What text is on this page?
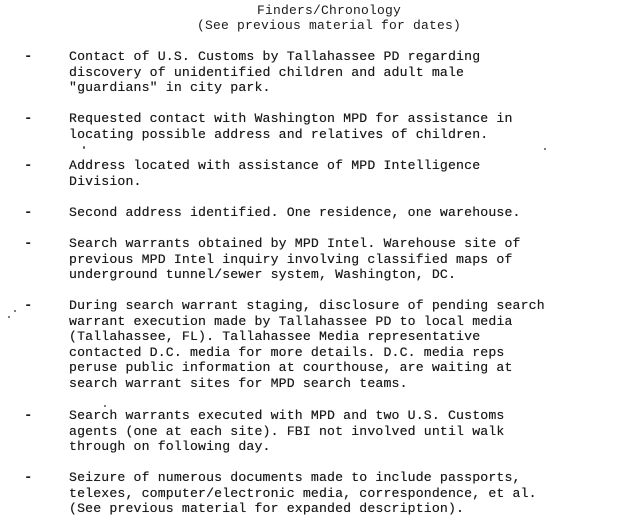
Finders/Chronology
(See previous material for dates)
-	Contact of U.S. Customs by Tallahassee PD regarding
discovery of unidentified children and adult male
"guardians" in city park.
-	Requested contact with Washington MPD for assistance in
locating possible address and relatives of children.
-	Address located with assistance of MPD Intelligence
Division.
-	Second address identified. One residence, one warehouse.
-	Search warrants obtained by MPD Intel. Warehouse site of
previous MPD Intel inquiry involving classified maps of
underground tunnel/sewer system, Washington, DC.
-	During search warrant staging, disclosure of pending search
warrant execution made by Tallahassee PD to local media
(Tallahassee, FL). Tallahassee Media representative
contacted D.C. media for more details. D.C. media reps
peruse public information at courthouse, are waiting at
search warrant sites for MPD search teams.
-	Search warrants executed with MPD and two U.S. Customs
agents (one at each site). FBI not involved until walk
through on following day.
-	Seizure of numerous documents made to include passports,
telexes, computer/electronic media, correspondence, et al.
(See previous material for expanded description).
